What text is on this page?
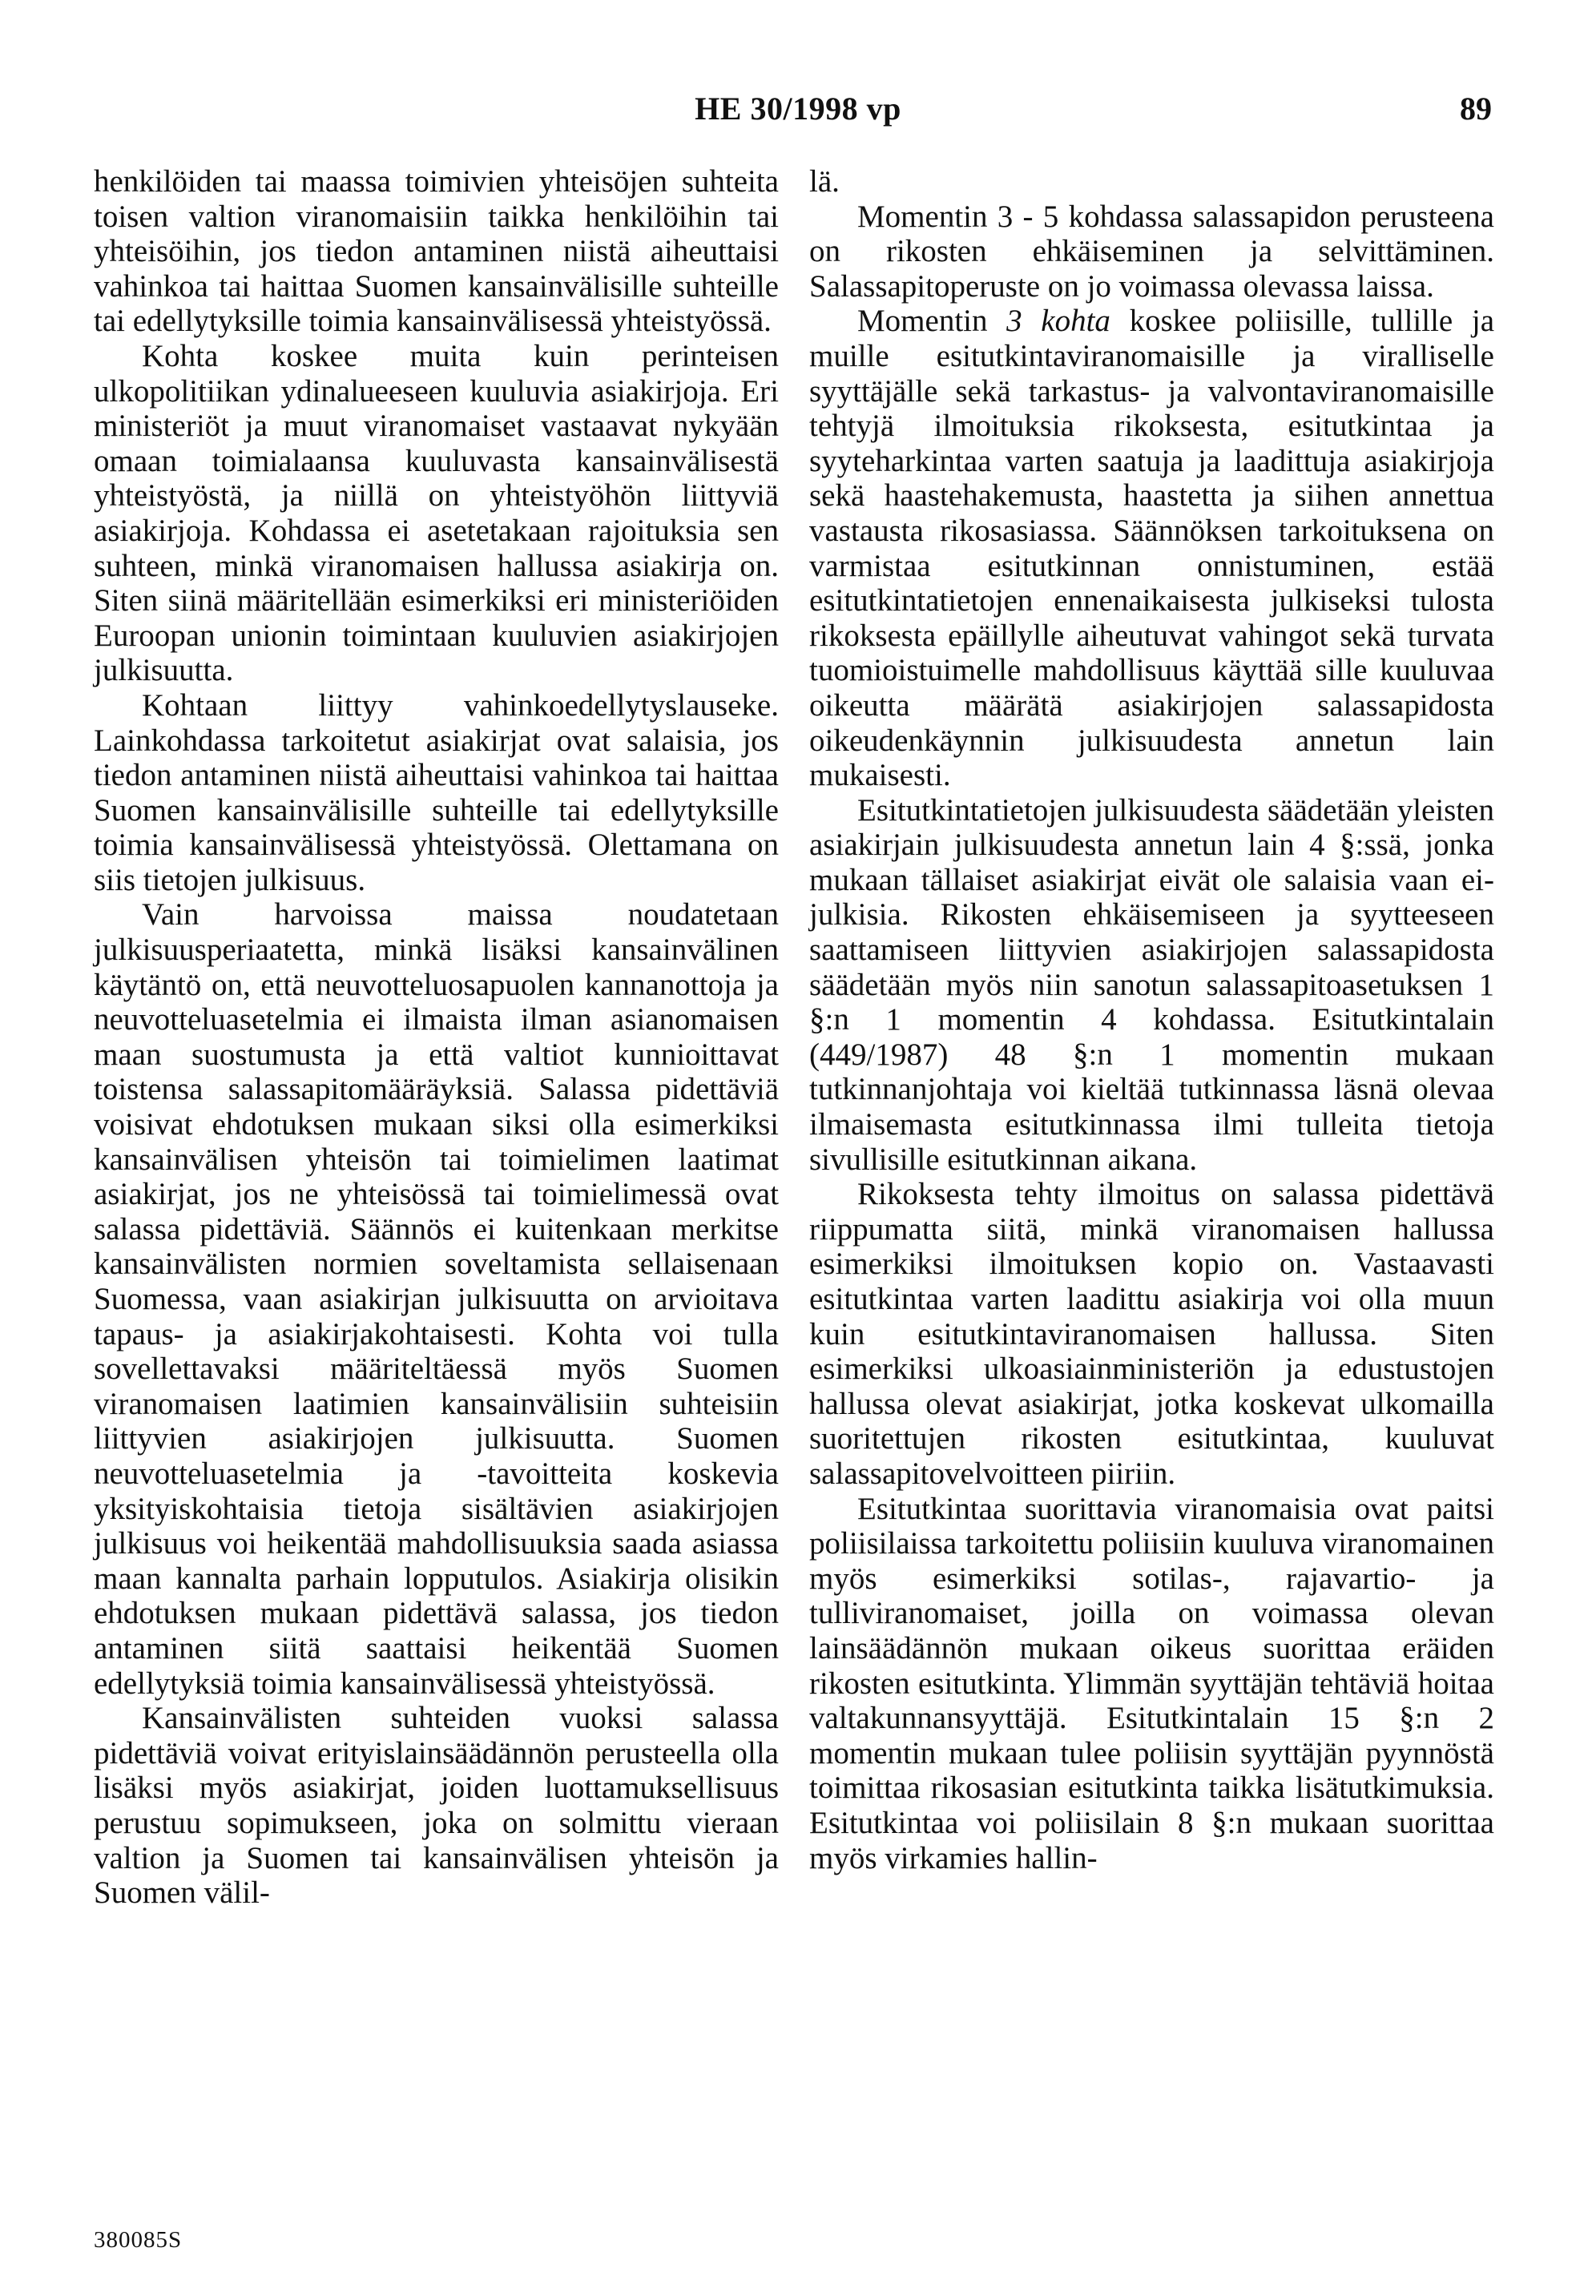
HE 30/1998 vp	89

henkilöiden tai maassa toimivien yhteisöjen suhteita toisen valtion viranomaisiin taikka henkilöihin tai yhteisöihin, jos tiedon antaminen niistä aiheuttaisi vahinkoa tai haittaa Suomen kansainvälisille suhteille tai edellytyksille toimia kansainvälisessä yhteistyössä.

Kohta koskee muita kuin perinteisen ulkopolitiikan ydinalueeseen kuuluvia asiakirjoja. Eri ministeriöt ja muut viranomaiset vastaavat nykyään omaan toimialaansa kuuluvasta kansainvälisestä yhteistyöstä, ja niillä on yhteistyöhön liittyviä asiakirjoja. Kohdassa ei asetetakaan rajoituksia sen suhteen, minkä viranomaisen hallussa asiakirja on. Siten siinä määritellään esimerkiksi eri ministeriöiden Euroopan unionin toimintaan kuuluvien asiakirjojen julkisuutta.

Kohtaan liittyy vahinkoedellytyslauseke. Lainkohdassa tarkoitetut asiakirjat ovat salaisia, jos tiedon antaminen niistä aiheuttaisi vahinkoa tai haittaa Suomen kansainvälisille suhteille tai edellytyksille toimia kansainvälisessä yhteistyössä. Olettamana on siis tietojen julkisuus.

Vain harvoissa maissa noudatetaan julkisuusperiaatetta, minkä lisäksi kansainvälinen käytäntö on, että neuvotteluosapuolen kannanottoja ja neuvotteluasetelmia ei ilmaista ilman asianomaisen maan suostumusta ja että valtiot kunnioittavat toistensa salassapitomääräyksiä. Salassa pidettäviä voisivat ehdotuksen mukaan siksi olla esimerkiksi kansainvälisen yhteisön tai toimielimen laatimat asiakirjat, jos ne yhteisössä tai toimielimessä ovat salassa pidettäviä. Säännös ei kuitenkaan merkitse kansainvälisten normien soveltamista sellaisenaan Suomessa, vaan asiakirjan julkisuutta on arvioitava tapaus- ja asiakirjakohtaisesti. Kohta voi tulla sovellettavaksi määriteltäessä myös Suomen viranomaisen laatimien kansainvälisiin suhteisiin liittyvien asiakirjojen julkisuutta. Suomen neuvotteluasetelmia ja -tavoitteita koskevia yksityiskohtaisia tietoja sisältävien asiakirjojen julkisuus voi heikentää mahdollisuuksia saada asiassa maan kannalta parhain lopputulos. Asiakirja olisikin ehdotuksen mukaan pidettävä salassa, jos tiedon antaminen siitä saattaisi heikentää Suomen edellytyksiä toimia kansainvälisessä yhteistyössä.

Kansainvälisten suhteiden vuoksi salassa pidettäviä voivat erityislainsäädännön perusteella olla lisäksi myös asiakirjat, joiden luottamuksellisuus perustuu sopimukseen, joka on solmittu vieraan valtion ja Suomen tai kansainvälisen yhteisön ja Suomen välil-

lä.

Momentin 3 - 5 kohdassa salassapidon perusteena on rikosten ehkäiseminen ja selvittäminen. Salassapitoperuste on jo voimassa olevassa laissa.

Momentin 3 kohta koskee poliisille, tullille ja muille esitutkintaviranomaisille ja viralliselle syyttäjälle sekä tarkastus- ja valvontaviranomaisille tehtyjä ilmoituksia rikoksesta, esitutkintaa ja syyteharkintaa varten saatuja ja laadittuja asiakirjoja sekä haastehakemusta, haastetta ja siihen annettua vastausta rikosasiassa. Säännöksen tarkoituksena on varmistaa esitutkinnan onnistuminen, estää esitutkintatietojen ennenaikaisesta julkiseksi tulosta rikoksesta epäillylle aiheutuvat vahingot sekä turvata tuomioistuimelle mahdollisuus käyttää sille kuuluvaa oikeutta määrätä asiakirjojen salassapidosta oikeudenkäynnin julkisuudesta annetun lain mukaisesti.

Esitutkintatietojen julkisuudesta säädetään yleisten asiakirjain julkisuudesta annetun lain 4 §:ssä, jonka mukaan tällaiset asiakirjat eivät ole salaisia vaan ei-julkisia. Rikosten ehkäisemiseen ja syytteeseen saattamiseen liittyvien asiakirjojen salassapidosta säädetään myös niin sanotun salassapitoasetuksen 1 §:n 1 momentin 4 kohdassa. Esitutkintalain (449/1987) 48 §:n 1 momentin mukaan tutkinnanjohtaja voi kieltää tutkinnassa läsnä olevaa ilmaisemasta esitutkinnassa ilmi tulleita tietoja sivullisille esitutkinnan aikana.

Rikoksesta tehty ilmoitus on salassa pidettävä riippumatta siitä, minkä viranomaisen hallussa esimerkiksi ilmoituksen kopio on. Vastaavasti esitutkintaa varten laadittu asiakirja voi olla muun kuin esitutkintaviranomaisen hallussa. Siten esimerkiksi ulkoasiainministeriön ja edustustojen hallussa olevat asiakirjat, jotka koskevat ulkomailla suoritettujen rikosten esitutkintaa, kuuluvat salassapitovelvoitteen piiriin.

Esitutkintaa suorittavia viranomaisia ovat paitsi poliisilaissa tarkoitettu poliisiin kuuluva viranomainen myös esimerkiksi sotilas-, rajavartio- ja tulliviranomaiset, joilla on voimassa olevan lainsäädännön mukaan oikeus suorittaa eräiden rikosten esitutkinta. Ylimmän syyttäjän tehtäviä hoitaa valtakunnansyyttäjä. Esitutkintalain 15 §:n 2 momentin mukaan tulee poliisin syyttäjän pyynnöstä toimittaa rikosasian esitutkinta taikka lisätutkimuksia. Esitutkintaa voi poliisilain 8 §:n mukaan suorittaa myös virkamies hallin-

380085S
